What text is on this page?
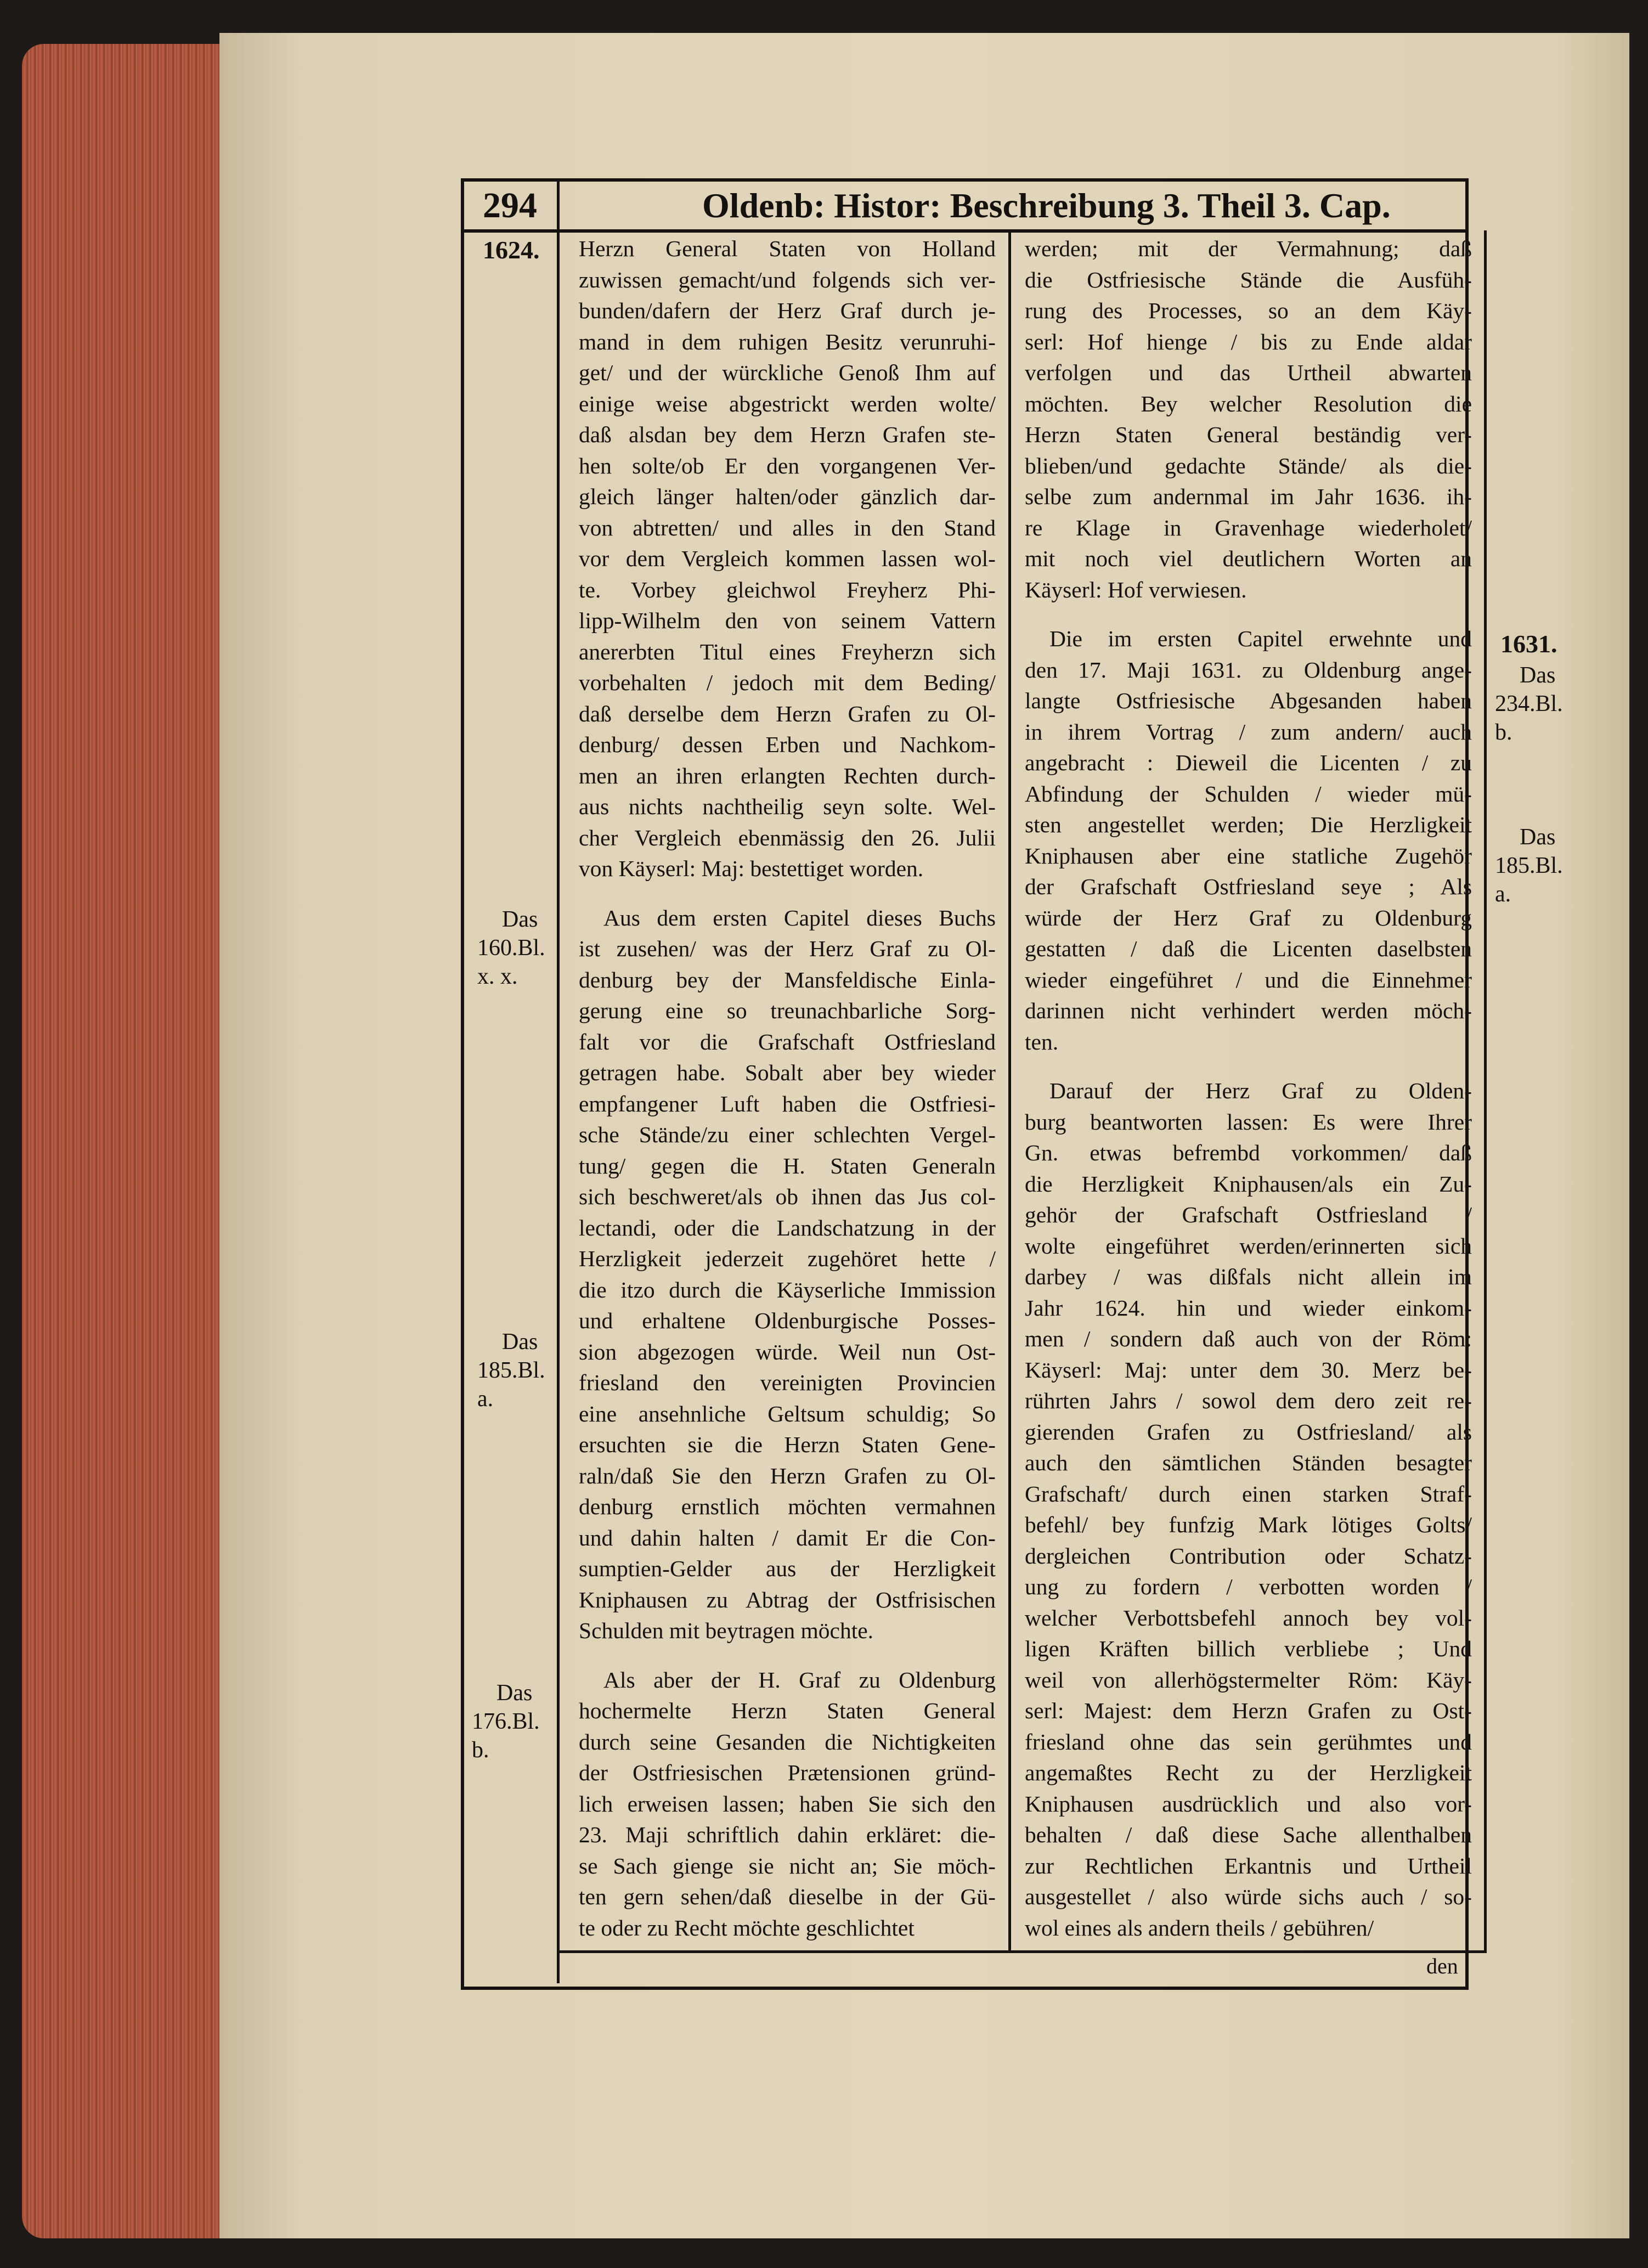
294	Oldenb: Histor: Beschreibung 3. Theil 3. Cap.
1624.
Das
160.Bl.
x. x.
Das
185.Bl.
a.
Das
176.Bl.
b.
1631.
Das
234.Bl.
b.
Das
185.Bl.
a.
Herzn General Staten von Holland
zuwissen gemacht/und folgends sich ver-
bunden/dafern der Herz Graf durch je-
mand in dem ruhigen Besitz verunruhi-
get/ und der würckliche Genoß Ihm auf
einige weise abgestrickt werden wolte/
daß alsdan bey dem Herzn Grafen ste-
hen solte/ob Er den vorgangenen Ver-
gleich länger halten/oder gänzlich dar-
von abtretten/ und alles in den Stand
vor dem Vergleich kommen lassen wol-
te. Vorbey gleichwol Freyherz Phi-
lipp-Wilhelm den von seinem Vattern
anererbten Titul eines Freyherzn sich
vorbehalten / jedoch mit dem Beding/
daß derselbe dem Herzn Grafen zu Ol-
denburg/ dessen Erben und Nachkom-
men an ihren erlangten Rechten durch-
aus nichts nachtheilig seyn solte. Wel-
cher Vergleich ebenmässig den 26. Julii
von Käyserl: Maj: bestettiget worden.
Aus dem ersten Capitel dieses Buchs
ist zusehen/ was der Herz Graf zu Ol-
denburg bey der Mansfeldische Einla-
gerung eine so treunachbarliche Sorg-
falt vor die Grafschaft Ostfriesland
getragen habe. Sobalt aber bey wieder
empfangener Luft haben die Ostfriesi-
sche Stände/zu einer schlechten Vergel-
tung/ gegen die H. Staten Generaln
sich beschweret/als ob ihnen das Jus col-
lectandi, oder die Landschatzung in der
Herzligkeit jederzeit zugehöret hette /
die itzo durch die Käyserliche Immission
und erhaltene Oldenburgische Posses-
sion abgezogen würde. Weil nun Ost-
friesland den vereinigten Provincien
eine ansehnliche Geltsum schuldig; So
ersuchten sie die Herzn Staten Gene-
raln/daß Sie den Herzn Grafen zu Ol-
denburg ernstlich möchten vermahnen
und dahin halten / damit Er die Con-
sumptien-Gelder aus der Herzligkeit
Kniphausen zu Abtrag der Ostfrisischen
Schulden mit beytragen möchte.
Als aber der H. Graf zu Oldenburg
hochermelte Herzn Staten General
durch seine Gesanden die Nichtigkeiten
der Ostfriesischen Prætensionen gründ-
lich erweisen lassen; haben Sie sich den
23. Maji schriftlich dahin erkläret: die-
se Sach gienge sie nicht an; Sie möch-
ten gern sehen/daß dieselbe in der Gü-
te oder zu Recht möchte geschlichtet
werden; mit der Vermahnung; daß
die Ostfriesische Stände die Ausfüh-
rung des Processes, so an dem Käy-
serl: Hof hienge / bis zu Ende aldar
verfolgen und das Urtheil abwarten
möchten. Bey welcher Resolution die
Herzn Staten General beständig ver-
blieben/und gedachte Stände/ als die-
selbe zum andernmal im Jahr 1636. ih-
re Klage in Gravenhage wiederholet/
mit noch viel deutlichern Worten an
Käyserl: Hof verwiesen.
Die im ersten Capitel erwehnte und
den 17. Maji 1631. zu Oldenburg ange-
langte Ostfriesische Abgesanden haben
in ihrem Vortrag / zum andern/ auch
angebracht : Dieweil die Licenten / zu
Abfindung der Schulden / wieder mü-
sten angestellet werden; Die Herzligkeit
Kniphausen aber eine statliche Zugehör
der Grafschaft Ostfriesland seye ; Als
würde der Herz Graf zu Oldenburg
gestatten / daß die Licenten daselbsten
wieder eingeführet / und die Einnehmer
darinnen nicht verhindert werden möch-
ten.
Darauf der Herz Graf zu Olden-
burg beantworten lassen: Es were Ihrer
Gn. etwas befrembd vorkommen/ daß
die Herzligkeit Kniphausen/als ein Zu-
gehör der Grafschaft Ostfriesland /
wolte eingeführet werden/erinnerten sich
darbey / was dißfals nicht allein im
Jahr 1624. hin und wieder einkom-
men / sondern daß auch von der Röm:
Käyserl: Maj: unter dem 30. Merz be-
rührten Jahrs / sowol dem dero zeit re-
gierenden Grafen zu Ostfriesland/ als
auch den sämtlichen Ständen besagter
Grafschaft/ durch einen starken Straf-
befehl/ bey funfzig Mark lötiges Golts/
dergleichen Contribution oder Schatz-
ung zu fordern / verbotten worden /
welcher Verbottsbefehl annoch bey vol-
ligen Kräften billich verbliebe ; Und
weil von allerhögstermelter Röm: Käy-
serl: Majest: dem Herzn Grafen zu Ost-
friesland ohne das sein gerühmtes und
angemaßtes Recht zu der Herzligkeit
Kniphausen ausdrücklich und also vor-
behalten / daß diese Sache allenthalben
zur Rechtlichen Erkantnis und Urtheil
ausgestellet / also würde sichs auch / so-
wol eines als andern theils / gebühren/
den
